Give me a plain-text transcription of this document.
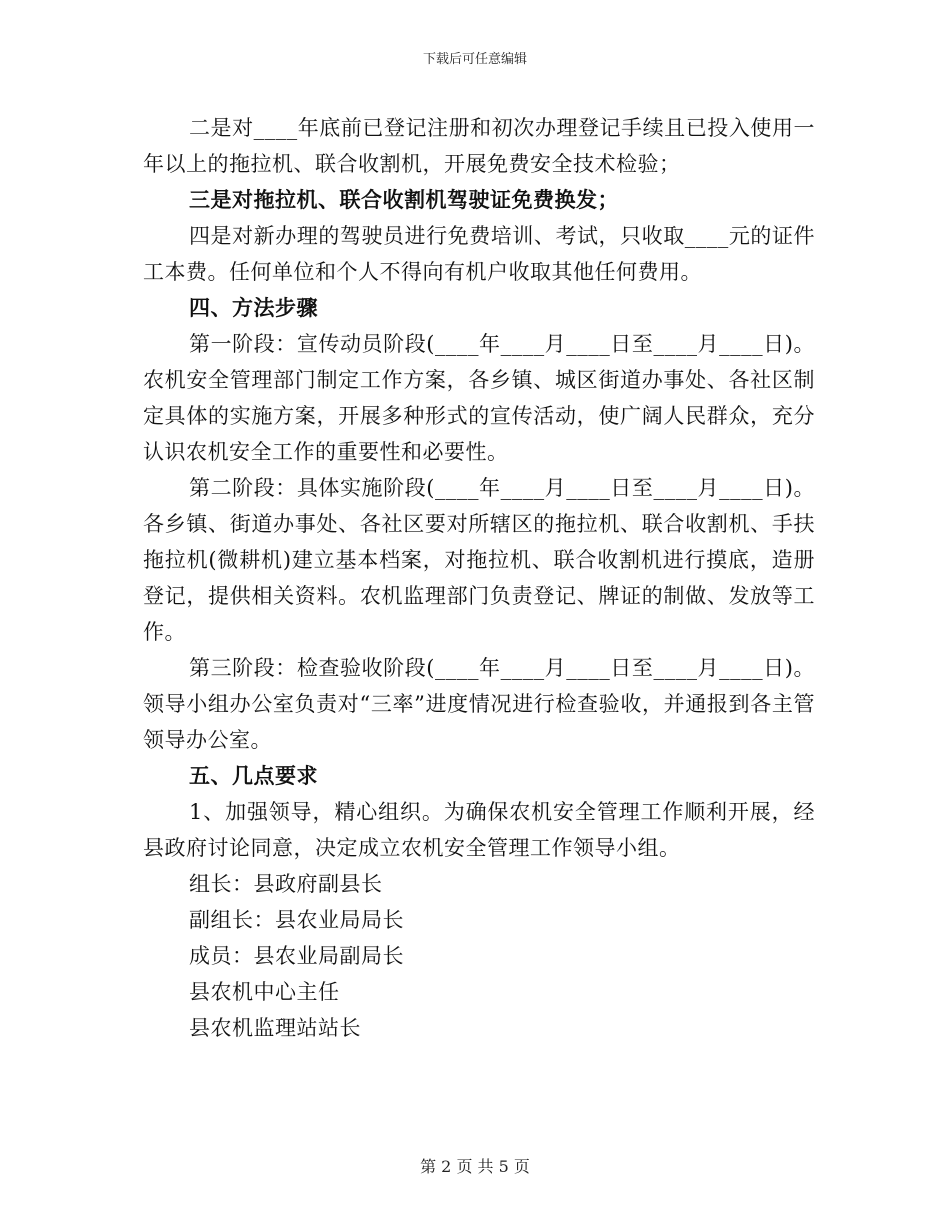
下载后可任意编辑

二是对____年底前已登记注册和初次办理登记手续且已投入使用一年以上的拖拉机、联合收割机，开展免费安全技术检验；

三是对拖拉机、联合收割机驾驶证免费换发；

四是对新办理的驾驶员进行免费培训、考试，只收取____元的证件工本费。任何单位和个人不得向有机户收取其他任何费用。

四、方法步骤

第一阶段：宣传动员阶段(____年____月____日至____月____日)。农机安全管理部门制定工作方案，各乡镇、城区街道办事处、各社区制定具体的实施方案，开展多种形式的宣传活动，使广阔人民群众，充分认识农机安全工作的重要性和必要性。

第二阶段：具体实施阶段(____年____月____日至____月____日)。各乡镇、街道办事处、各社区要对所辖区的拖拉机、联合收割机、手扶拖拉机(微耕机)建立基本档案，对拖拉机、联合收割机进行摸底，造册登记，提供相关资料。农机监理部门负责登记、牌证的制做、发放等工作。

第三阶段：检查验收阶段(____年____月____日至____月____日)。领导小组办公室负责对“三率”进度情况进行检查验收，并通报到各主管领导办公室。

五、几点要求

1、加强领导，精心组织。为确保农机安全管理工作顺利开展，经县政府讨论同意，决定成立农机安全管理工作领导小组。

组长：县政府副县长

副组长：县农业局局长

成员：县农业局副局长

县农机中心主任

县农机监理站站长

第 2 页 共 5 页
